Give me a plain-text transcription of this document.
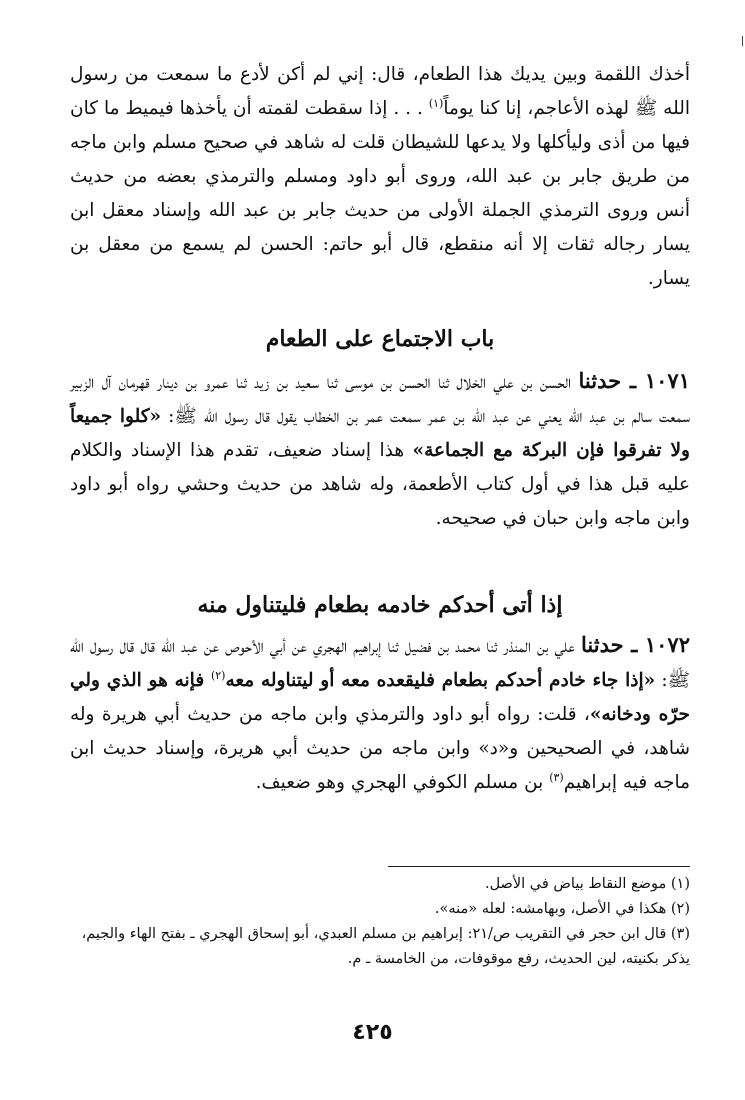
أخذك اللقمة وبين يديك هذا الطعام، قال: إني لم أكن لأدع ما سمعت من رسول الله ﷺ لهذه الأعاجم، إنا كنا يوماً$^{(١)}$ . . . إذا سقطت لقمته أن يأخذها فيميط ما كان فيها من أذى وليأكلها ولا يدعها للشيطان قلت له شاهد في صحيح مسلم وابن ماجه من طريق جابر بن عبد الله، وروى أبو داود ومسلم والترمذي بعضه من حديث أنس وروى الترمذي الجملة الأولى من حديث جابر بن عبد الله وإسناد معقل ابن يسار رجاله ثقات إلا أنه منقطع، قال أبو حاتم: الحسن لم يسمع من معقل بن يسار.
باب الاجتماع على الطعام
١٠٧١ ـ حدثنا الحسن بن علي الخلال ثنا الحسن بن موسى ثنا سعيد بن زيد ثنا عمرو بن دينار قهرمان آل الزبير سمعت سالم بن عبد الله يعني عن عبد الله بن عمر سمعت عمر بن الخطاب يقول قال رسول الله ﷺ: «كلوا جميعاً ولا تفرقوا فإن البركة مع الجماعة» هذا إسناد ضعيف، تقدم هذا الإسناد والكلام عليه قبل هذا في أول كتاب الأطعمة، وله شاهد من حديث وحشي رواه أبو داود وابن ماجه وابن حبان في صحيحه.
إذا أتى أحدكم خادمه بطعام فليتناول منه
١٠٧٢ ـ حدثنا علي بن المنذر ثنا محمد بن فضيل ثنا إبراهيم الهجري عن أبي الأحوص عن عبد الله قال قال رسول الله ﷺ: «إذا جاء خادم أحدكم بطعام فليقعده معه أو ليتناوله معه$^{(٢)}$ فإنه هو الذي ولي حرّه ودخانه»، قلت: رواه أبو داود والترمذي وابن ماجه من حديث أبي هريرة وله شاهد، في الصحيحين و«د» وابن ماجه من حديث أبي هريرة، وإسناد حديث ابن ماجه فيه إبراهيم$^{(٣)}$ بن مسلم الكوفي الهجري وهو ضعيف.
(١) موضع النقاط بياض في الأصل.
(٢) هكذا في الأصل، وبهامشه: لعله «منه».
(٣) قال ابن حجر في التقريب ص/٢١: إبراهيم بن مسلم العبدي، أبو إسحاق الهجري ـ بفتح الهاء والجيم، يذكر بكنيته، لين الحديث، رفع موقوفات، من الخامسة ـ م.
٤٢٥
